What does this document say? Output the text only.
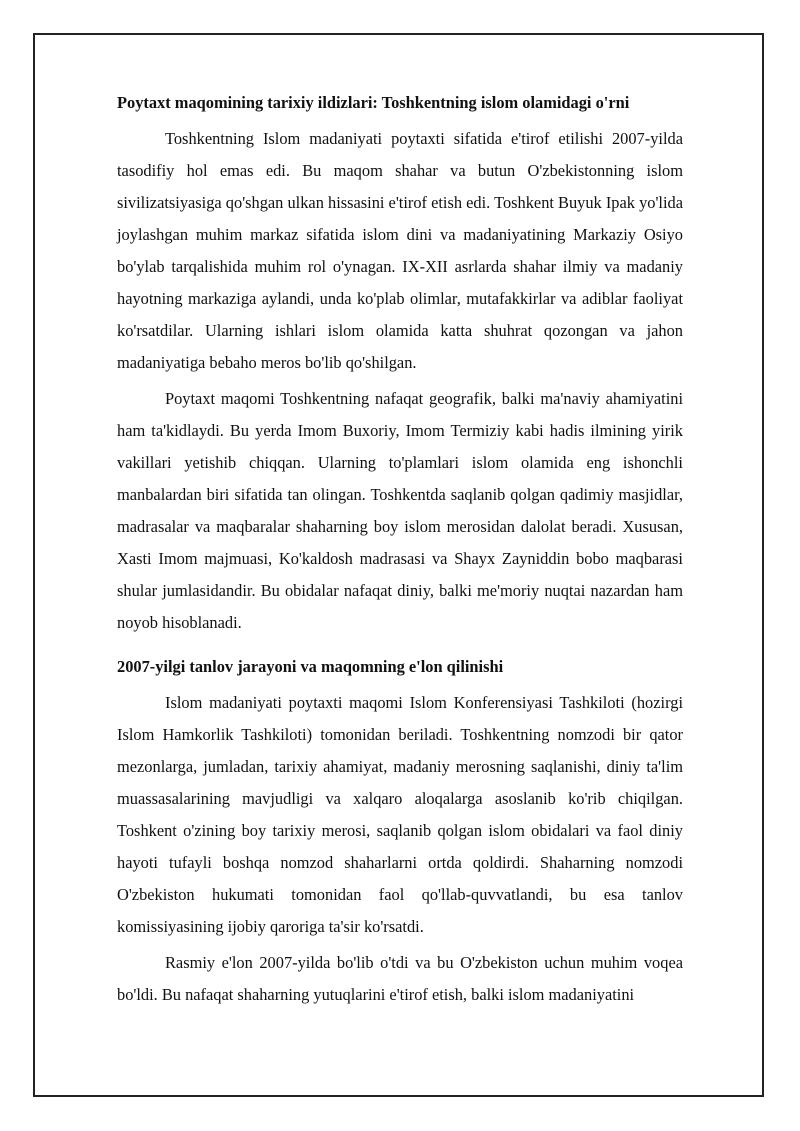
Poytaxt maqomining tarixiy ildizlari: Toshkentning islom olamidagi o'rni

Toshkentning Islom madaniyati poytaxti sifatida e'tirof etilishi 2007-yilda tasodifiy hol emas edi. Bu maqom shahar va butun O'zbekistonning islom sivilizatsiyasiga qo'shgan ulkan hissasini e'tirof etish edi. Toshkent Buyuk Ipak yo'lida joylashgan muhim markaz sifatida islom dini va madaniyatining Markaziy Osiyo bo'ylab tarqalishida muhim rol o'ynagan. IX-XII asrlarda shahar ilmiy va madaniy hayotning markaziga aylandi, unda ko'plab olimlar, mutafakkirlar va adiblar faoliyat ko'rsatdilar. Ularning ishlari islom olamida katta shuhrat qozongan va jahon madaniyatiga bebaho meros bo'lib qo'shilgan.

Poytaxt maqomi Toshkentning nafaqat geografik, balki ma'naviy ahamiyatini ham ta'kidlaydi. Bu yerda Imom Buxoriy, Imom Termiziy kabi hadis ilmining yirik vakillari yetishib chiqqan. Ularning to'plamlari islom olamida eng ishonchli manbalardan biri sifatida tan olingan. Toshkentda saqlanib qolgan qadimiy masjidlar, madrasalar va maqbaralar shaharning boy islom merosidan dalolat beradi. Xususan, Xasti Imom majmuasi, Ko'kaldosh madrasasi va Shayx Zayniddin bobo maqbarasi shular jumlasidandir. Bu obidalar nafaqat diniy, balki me'moriy nuqtai nazardan ham noyob hisoblanadi.

2007-yilgi tanlov jarayoni va maqomning e'lon qilinishi

Islom madaniyati poytaxti maqomi Islom Konferensiyasi Tashkiloti (hozirgi Islom Hamkorlik Tashkiloti) tomonidan beriladi. Toshkentning nomzodi bir qator mezonlarga, jumladan, tarixiy ahamiyat, madaniy merosning saqlanishi, diniy ta'lim muassasalarining mavjudligi va xalqaro aloqalarga asoslanib ko'rib chiqilgan. Toshkent o'zining boy tarixiy merosi, saqlanib qolgan islom obidalari va faol diniy hayoti tufayli boshqa nomzod shaharlarni ortda qoldirdi. Shaharning nomzodi O'zbekiston hukumati tomonidan faol qo'llab-quvvatlandi, bu esa tanlov komissiyasining ijobiy qaroriga ta'sir ko'rsatdi.

Rasmiy e'lon 2007-yilda bo'lib o'tdi va bu O'zbekiston uchun muhim voqea bo'ldi. Bu nafaqat shaharning yutuqlarini e'tirof etish, balki islom madaniyatini
